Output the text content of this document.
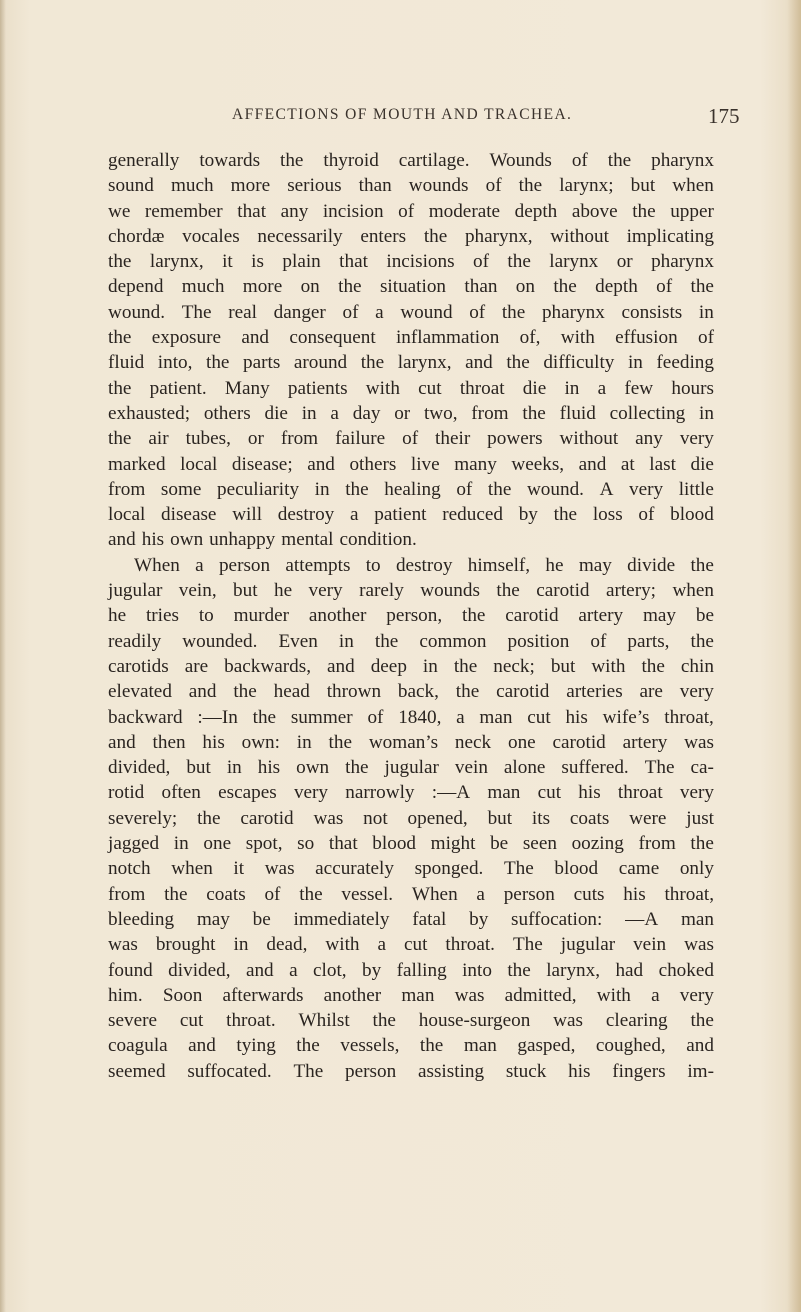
AFFECTIONS OF MOUTH AND TRACHEA.	175
generally towards the thyroid cartilage. Wounds of the pharynx
sound much more serious than wounds of the larynx; but when
we remember that any incision of moderate depth above the upper
chordæ vocales necessarily enters the pharynx, without implicating
the larynx, it is plain that incisions of the larynx or pharynx
depend much more on the situation than on the depth of the
wound. The real danger of a wound of the pharynx consists in
the exposure and consequent inflammation of, with effusion of
fluid into, the parts around the larynx, and the difficulty in feeding
the patient. Many patients with cut throat die in a few hours
exhausted; others die in a day or two, from the fluid collecting in
the air tubes, or from failure of their powers without any very
marked local disease; and others live many weeks, and at last die
from some peculiarity in the healing of the wound. A very little
local disease will destroy a patient reduced by the loss of blood
and his own unhappy mental condition.
When a person attempts to destroy himself, he may divide the
jugular vein, but he very rarely wounds the carotid artery; when
he tries to murder another person, the carotid artery may be
readily wounded. Even in the common position of parts, the
carotids are backwards, and deep in the neck; but with the chin
elevated and the head thrown back, the carotid arteries are very
backward :—In the summer of 1840, a man cut his wife’s throat,
and then his own: in the woman’s neck one carotid artery was
divided, but in his own the jugular vein alone suffered. The ca-
rotid often escapes very narrowly :—A man cut his throat very
severely; the carotid was not opened, but its coats were just
jagged in one spot, so that blood might be seen oozing from the
notch when it was accurately sponged. The blood came only
from the coats of the vessel. When a person cuts his throat,
bleeding may be immediately fatal by suffocation: —A man
was brought in dead, with a cut throat. The jugular vein was
found divided, and a clot, by falling into the larynx, had choked
him. Soon afterwards another man was admitted, with a very
severe cut throat. Whilst the house-surgeon was clearing the
coagula and tying the vessels, the man gasped, coughed, and
seemed suffocated. The person assisting stuck his fingers im-
